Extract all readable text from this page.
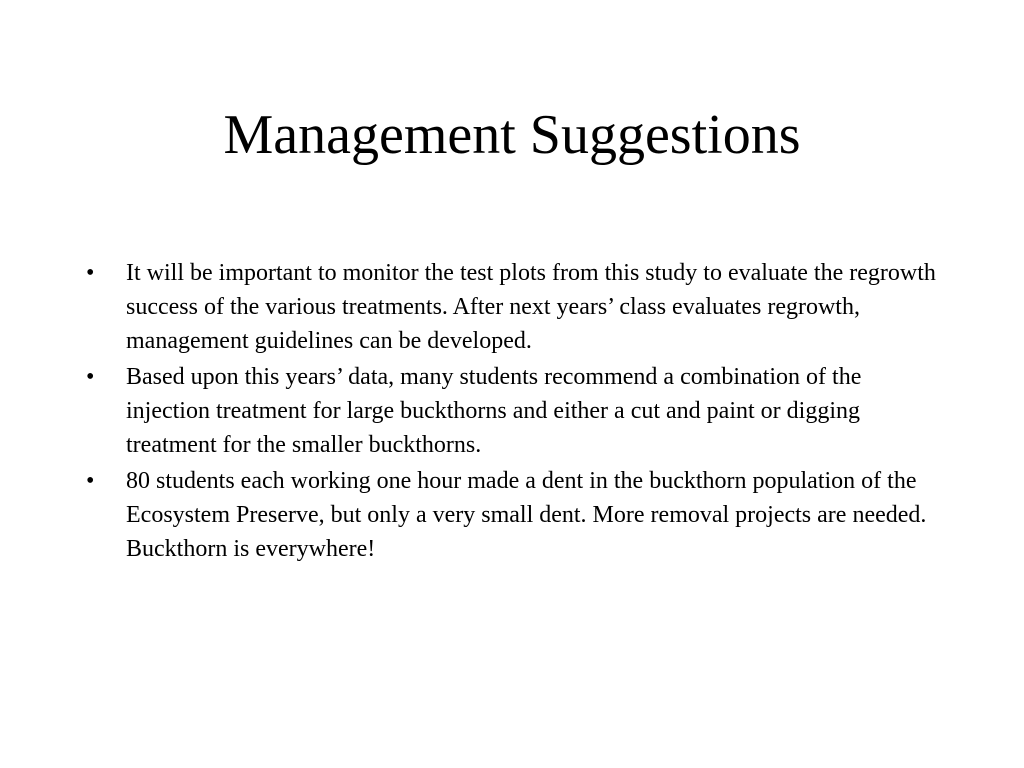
Management Suggestions
•	It will be important to monitor the test plots from this study to evaluate the regrowth success of the various treatments. After next years’ class evaluates regrowth, management guidelines can be developed.
•	Based upon this years’ data, many students recommend a combination of the injection treatment for large buckthorns and either a cut and paint or digging treatment for the smaller buckthorns.
•	80 students each working one hour made a dent in the buckthorn population of the Ecosystem Preserve, but only a very small dent. More removal projects are needed. Buckthorn is everywhere!
